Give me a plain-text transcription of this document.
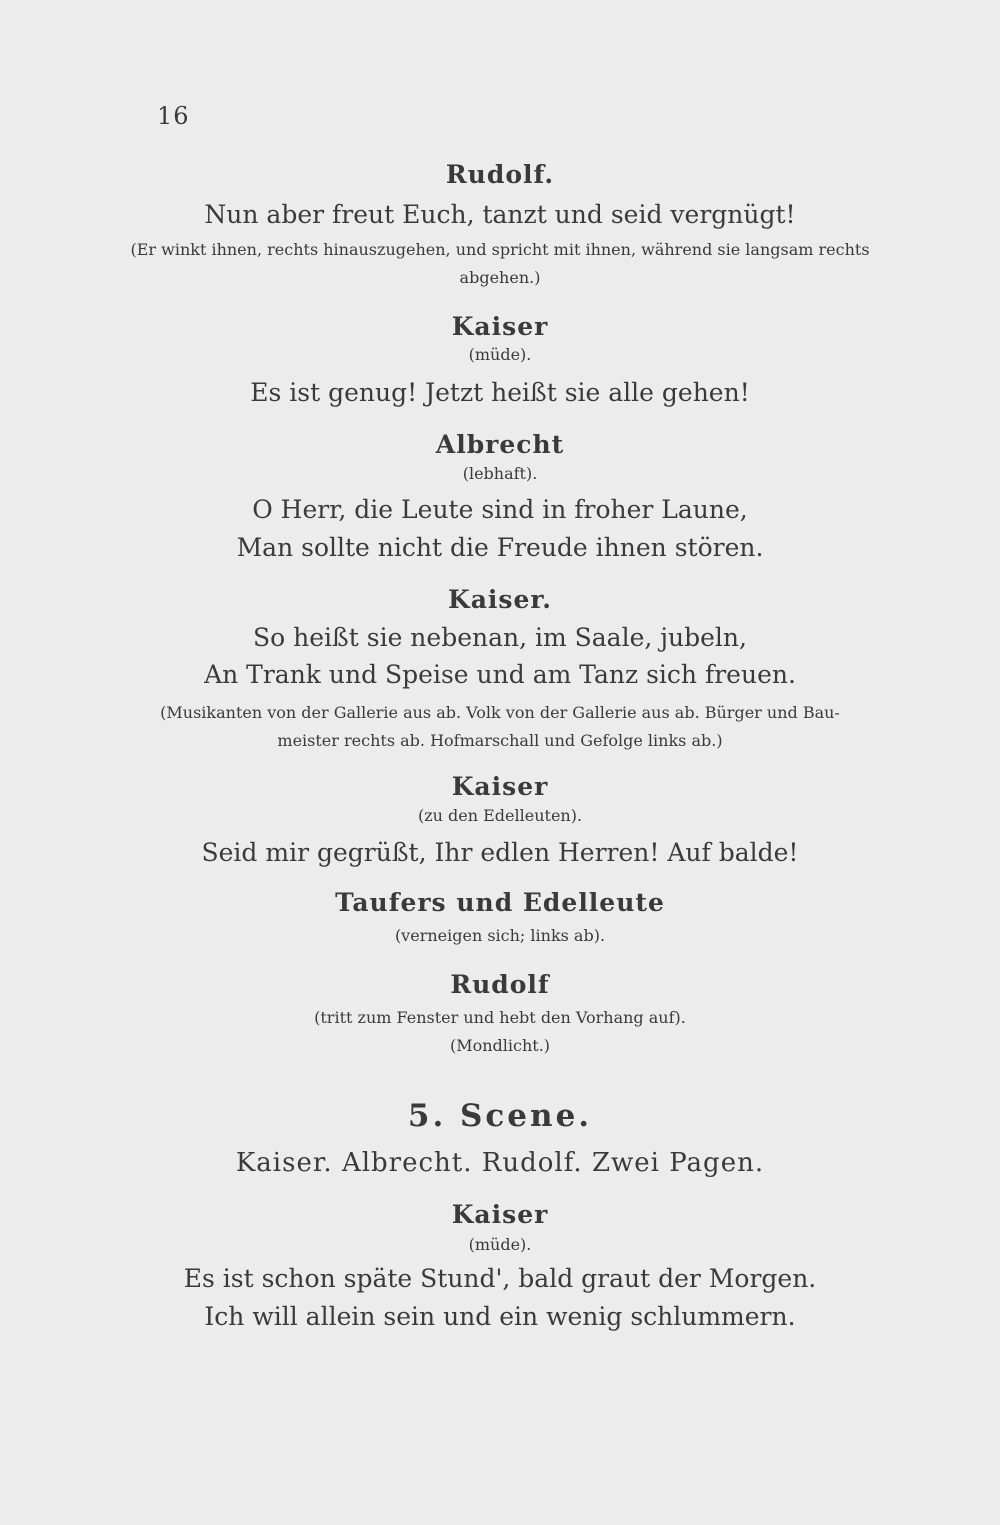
16
Rudolf.
Nun aber freut Euch, tanzt und seid vergnügt!
(Er winkt ihnen, rechts hinauszugehen, und spricht mit ihnen, während sie langsam rechts
abgehen.)
Kaiser
(müde).
Es ist genug! Jetzt heißt sie alle gehen!
Albrecht
(lebhaft).
O Herr, die Leute sind in froher Laune,
Man sollte nicht die Freude ihnen stören.
Kaiser.
So heißt sie nebenan, im Saale, jubeln,
An Trank und Speise und am Tanz sich freuen.
(Musikanten von der Gallerie aus ab. Volk von der Gallerie aus ab. Bürger und Bau-
meister rechts ab. Hofmarschall und Gefolge links ab.)
Kaiser
(zu den Edelleuten).
Seid mir gegrüßt, Ihr edlen Herren! Auf balde!
Taufers und Edelleute
(verneigen sich; links ab).
Rudolf
(tritt zum Fenster und hebt den Vorhang auf).
(Mondlicht.)
5. Scene.
Kaiser. Albrecht. Rudolf. Zwei Pagen.
Kaiser
(müde).
Es ist schon späte Stund', bald graut der Morgen.
Ich will allein sein und ein wenig schlummern.
